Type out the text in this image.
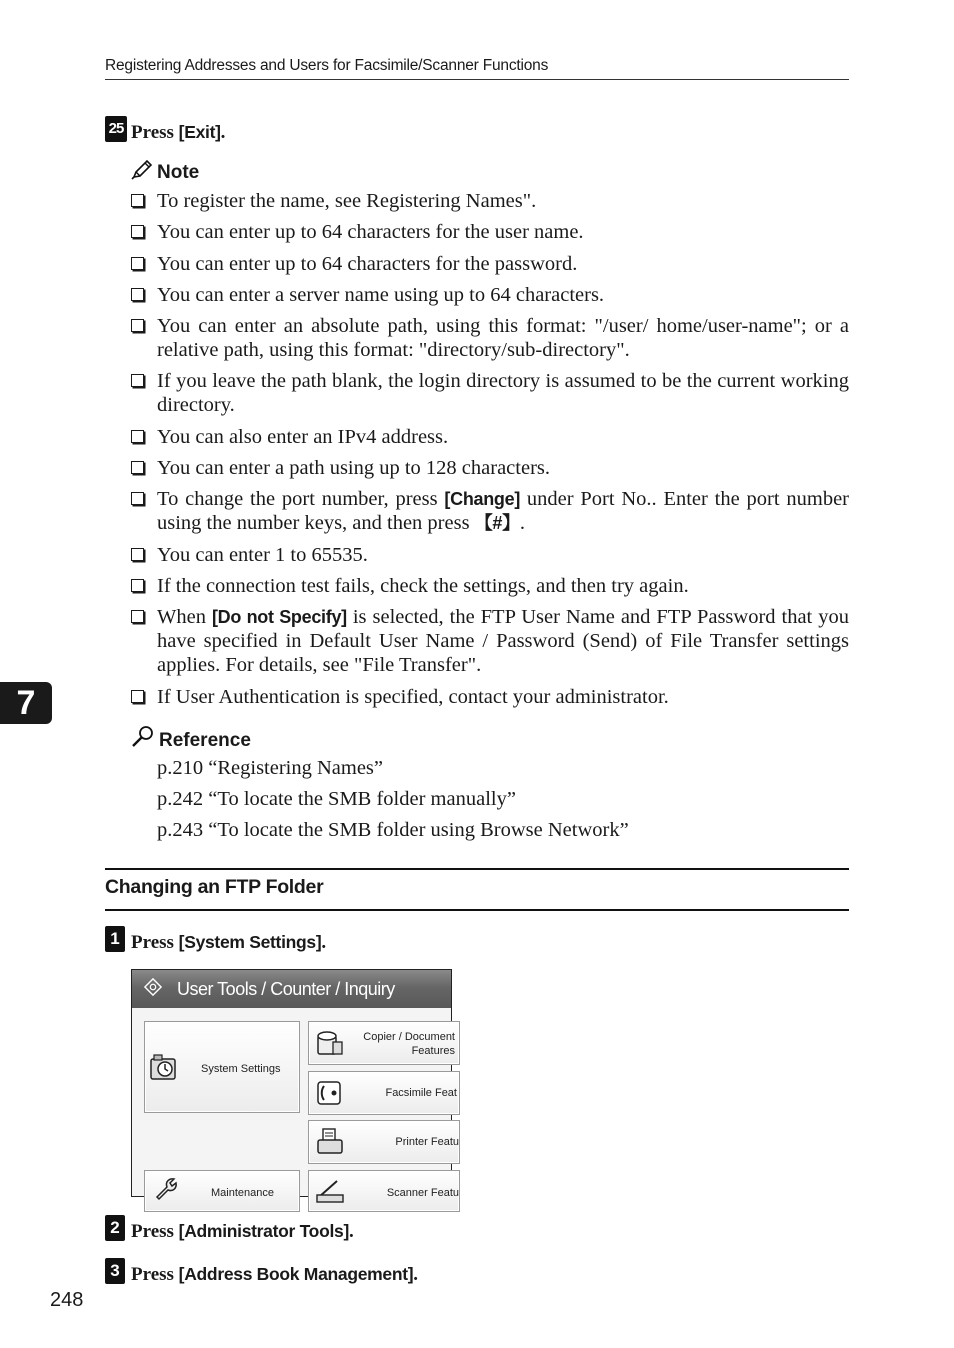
Registering Addresses and Users for Facsimile/Scanner Functions
25 Press [Exit].
Note
To register the name, see Registering Names".
You can enter up to 64 characters for the user name.
You can enter up to 64 characters for the password.
You can enter a server name using up to 64 characters.
You can enter an absolute path, using this format: "/user/ home/user-name"; or a relative path, using this format: "directory/sub-directory".
If you leave the path blank, the login directory is assumed to be the current working directory.
You can also enter an IPv4 address.
You can enter a path using up to 128 characters.
To change the port number, press [Change] under Port No.. Enter the port number using the number keys, and then press 【#】.
You can enter 1 to 65535.
If the connection test fails, check the settings, and then try again.
When [Do not Specify] is selected, the FTP User Name and FTP Password that you have specified in Default User Name / Password (Send) of File Transfer settings applies. For details, see "File Transfer".
If User Authentication is specified, contact your administrator.
7
Reference
p.210 “Registering Names”
p.242 “To locate the SMB folder manually”
p.243 “To locate the SMB folder using Browse Network”
Changing an FTP Folder
1 Press [System Settings].
User Tools / Counter / Inquiry
System Settings
Copier / Document
Features
Facsimile Feat
Printer Featu
Maintenance	Scanner Featu
2 Press [Administrator Tools].
3 Press [Address Book Management].
248
